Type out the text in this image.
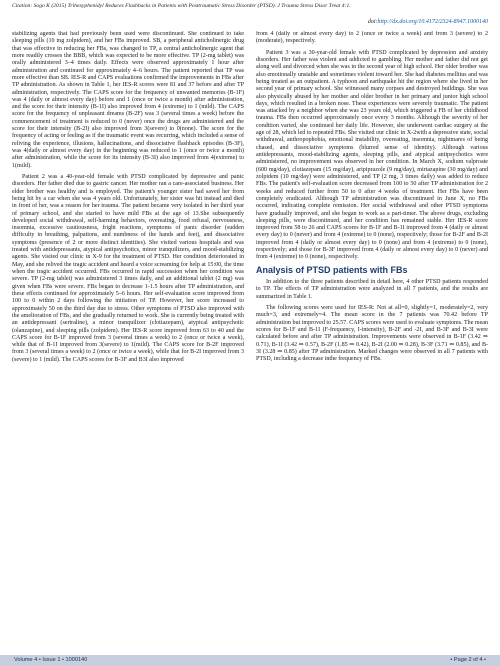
Citation: Sogo K (2015) Trihexyphenidyl Reduces Flashbacks in Patients with Posttraumatic Stress Disorder (PTSD). J Trauma Stress Disor Treat 4:1.
doi:http://dx.doi.org/10.4172/2324-8947.1000140

stabilizing agents that had previously been used were discontinued. She continued to take sleeping pills (10 mg zolpidem), and her FBs improved. SB, a peripheral anticholinergic drug that was effective in reducing her FBs, was changed to TP, a central anticholinergic agent that more readily crosses the BBB, which was expected to be more effective. TP (2-mg tablet) was orally administered 3–4 times daily. Effects were observed approximately 1 hour after administration and continued for approximately 4–6 hours. The patient reported that TP was more effective than SB. IES-R and CAPS evaluations confirmed the improvements in FBs after TP administration. As shown in Table 1, her IES-R scores were 81 and 37 before and after TP administration, respectively. The CAPS score for the frequency of unwanted memories (B-1F) was 4 (daily or almost every day) before and 1 (once or twice a month) after administration, and the score for their intensity (B-1I) also improved from 4 (extreme) to 1 (mild). The CAPS score for the frequency of unpleasant dreams (B-2F) was 3 (several times a week) before the commencement of treatment is reduced to 0 (never) once the drugs are administered and the score for their intensity (B-2I) also improved from 3(severe) to 0(none). The score for the frequency of acting or feeling as if the traumatic event was recurring, which included a sense of reliving the experience, illusions, hallucinations, and dissociative flashback episodes (B-3F), was 4(daily or almost every day) in the beginning was reduced to 1 (once or twice a month) after administration, while the score for its intensity (B-3I) also improved from 4(extreme) to 1(mild).

Patient 2 was a 40-year-old female with PTSD complicated by depressive and panic disorders. Her father died due to gastric cancer. Her mother ran a care-associated business. Her elder brother was healthy and is employed. The patient's younger sister had saved her from being hit by a car when she was 4 years old. Unfortunately, her sister was hit instead and died in front of her, was a reason for her trauma. The patient became very isolated in her third year of primary school, and she started to have mild FBs at the age of 13.She subsequently developed social withdrawal, self-harming behaviors, overeating, food refusal, nervousness, insomnia, excessive cautiousness, fright reactions, symptoms of panic disorder (sudden difficulty in breathing, palpations, and numbness of the hands and feet), and dissociative symptoms (presence of 2 or more distinct identities). She visited various hospitals and was treated with antidepressants, atypical antipsychotics, minor tranquilizers, and mood-stabilizing agents. She visited our clinic in X-9 for the treatment of PTSD. Her condition deteriorated in May, and she relived the tragic accident and heard a voice screaming for help at 15:00, the time when the tragic accident occurred. FBs occurred in rapid succession when her condition was severe. TP (2-mg tablet) was administered 3 times daily, and an additional tablet (2 mg) was given when FBs were severe. FBs began to decrease 1-1.5 hours after TP administration, and these effects continued for approximately 5–6 hours. Her self-evaluation score improved from 100 to 0 within 2 days following the initiation of TP. However, her score increased to approximately 50 on the third day due to stress. Other symptoms of PTSD also improved with the amelioration of FBs, and she gradually returned to work. She is currently being treated with an antidepressant (sertraline), a minor tranquilizer (clotiazepam), atypical antipsychotic (olanzapine), and sleeping pills (zolpidem). Her IES-R score improved from 63 to 40 and the CAPS score for B-1F improved from 3 (several times a week) to 2 (once or twice a week), while that of B-1I improved from 3(severe) to 1(mild). The CAPS score for B-2F improved from 3 (several times a week) to 2 (once or twice a week), while that for B-2I improved from 3 (severe) to 1 (mild). The CAPS scores for B-3F and B3I also improved

from 4 (daily or almost every day) to 2 (once or twice a week) and from 3 (severe) to 2 (moderate), respectively.

Patient 3 was a 30-year-old female with PTSD complicated by depression and anxiety disorders. Her father was violent and addicted to gambling. Her mother and father did not get along well and divorced when she was in the second year of high school. Her older brother was also emotionally unstable and sometimes violent toward her. She had diabetes mellitus and was being treated as an outpatient. A typhoon and earthquake hit the region where she lived in her second year of primary school. She witnessed many corpses and destroyed buildings. She was also physically abused by her mother and older brother in her primary and junior high school days, which resulted in a broken nose. These experiences were severely traumatic. The patient was attacked by a neighbor when she was 23 years old, which triggered a FB of her childhood trauma. FBs then occurred approximately once every 3 months. Although the severity of her condition varied, she continued her daily life. However, she underwent cardiac surgery at the age of 28, which led to repeated FBs. She visited our clinic in X-2with a depressive state, social withdrawal, anthropophobia, emotional instability, overeating, insomnia, nightmares of being chased, and dissociative symptoms (blurred sense of identity). Although various antidepressants, mood-stabilizing agents, sleeping pills, and atypical antipsychotics were administered, no improvement was observed in her condition. In March X, sodium valproate (600 mg/day), clotiazepam (15 mg/day), aripiprazole (9 mg/day), mirtazapine (30 mg/day) and zolpidem (10 mg/day) were administered, and TP (2 mg, 3 times daily) was added to reduce FBs. The patient's self-evaluation score decreased from 100 to 50 after TP administration for 2 weeks and reduced further from 50 to 0 after 4 weeks of treatment. Her FBs have been completely eradicated. Although TP administration was discontinued in June X, no FBs occurred, indicating complete remission. Her social withdrawal and other PTSD symptoms have gradually improved, and she began to work as a part-timer. The above drugs, excluding sleeping pills, were discontinued, and her condition has remained stable. Her IES-R score improved from 58 to 26 and CAPS scores for B-1F and B-1I improved from 4 (daily or almost every day) to 0 (never) and from 4 (extreme) to 0 (none), respectively; those for B-2F and B-2I improved from 4 (daily or almost every day) to 0 (none) and from 4 (extreme) to 0 (none), respectively; and those for B-3F improved from 4 (daily or almost every day) to 0 (never) and from 4 (extreme) to 0 (none), respectively.

Analysis of PTSD patients with FBs

In addition to the three patients described in detail here, 4 other PTSD patients responded to TP. The effects of TP administration were analyzed in all 7 patients, and the results are summarized in Table 1.

The following scores were used for IES-R: Not at all=0, slightly=1, moderately=2, very much=3, and extremely=4. The mean score in the 7 patients was 70.42 before TP administration but improved to 25.57. CAPS scores were used to evaluate symptoms. The mean scores for B-1F and B-1I (F-frequency, I-intensity), B-2F and -2I, and B-3F and B-3I were calculated before and after TP administration. Improvements were observed in B-1F (3.42 ⇒ 0.71), B-1I (3.42 ⇒ 0.57), B-2F (1.85 ⇒ 0.42), B-2I (2.00 ⇒ 0.28), B-3F (3.71 ⇒ 0.85), and B-3I (3.28 ⇒ 0.85) after TP administration. Marked changes were observed in all 7 patients with PTSD, including a decrease inthe frequency of FBs.

Volume 4 • Issue 1 • 1000140	• Page 2 of 4 •
